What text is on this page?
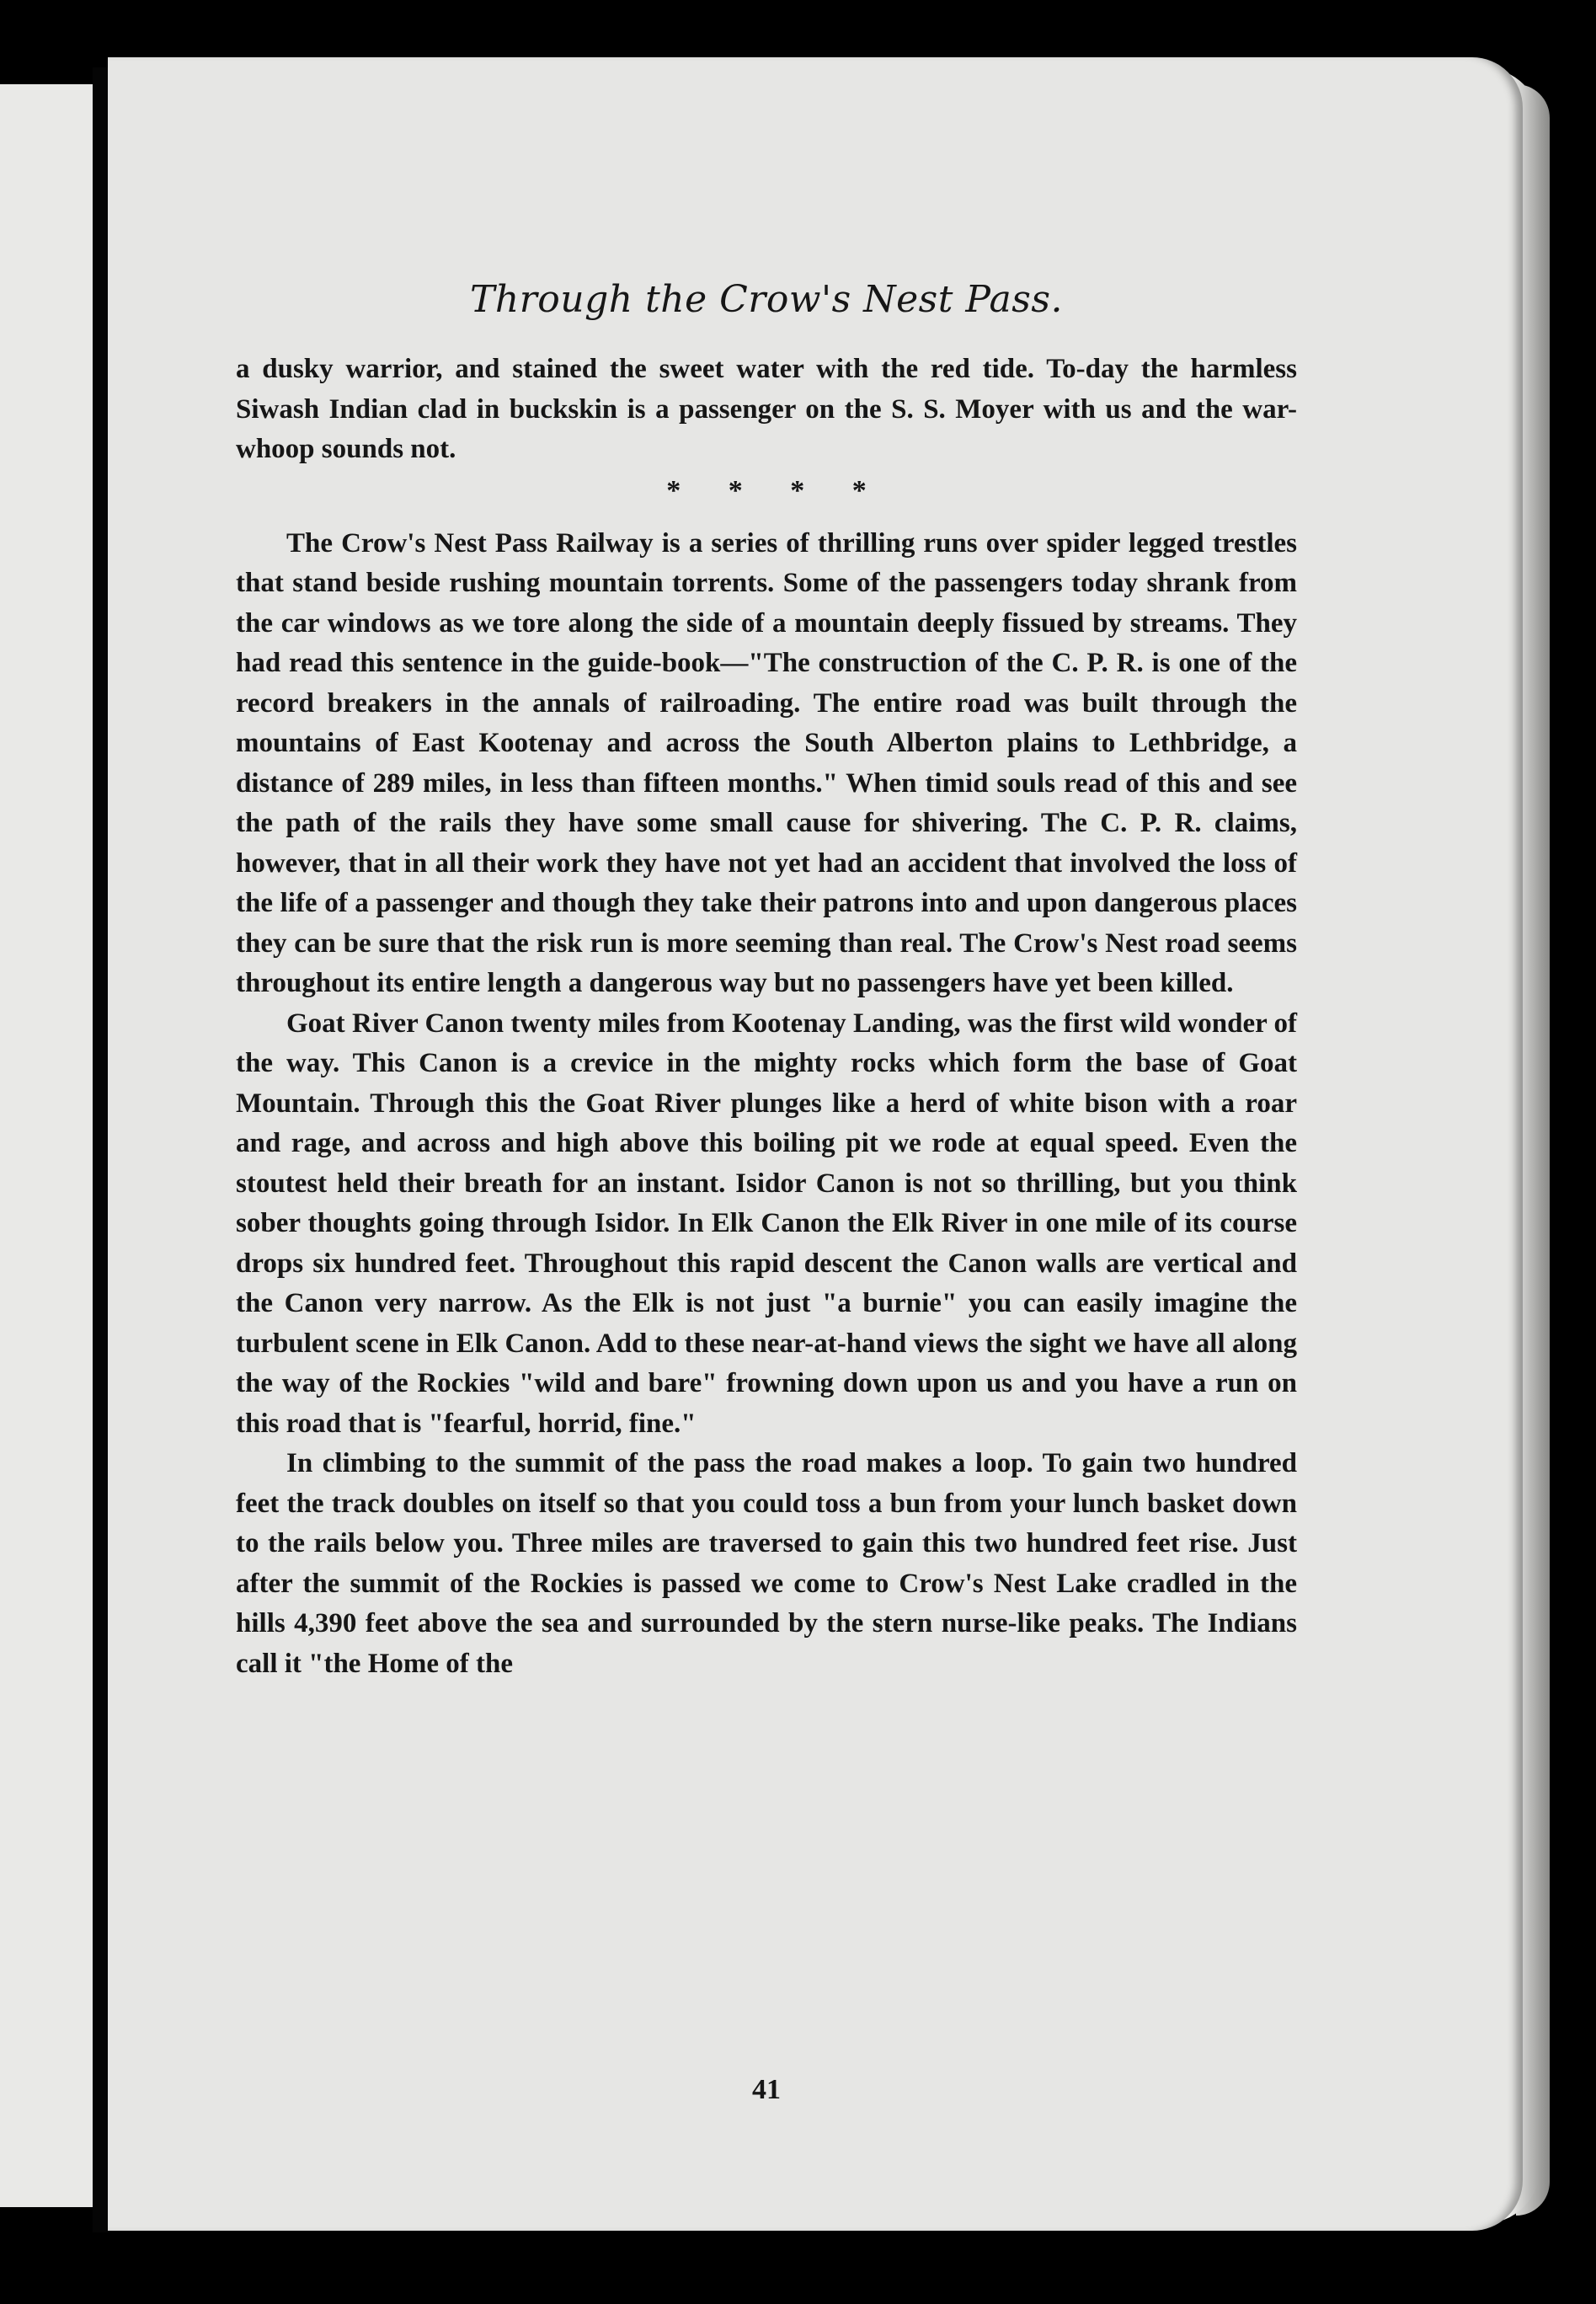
Through the Crow's Nest Pass.

a dusky warrior, and stained the sweet water with the red tide. To-day the harmless Siwash Indian clad in buckskin is a passenger on the S. S. Moyer with us and the war-whoop sounds not.

* * * *

The Crow's Nest Pass Railway is a series of thrilling runs over spider legged trestles that stand beside rushing mountain torrents. Some of the passengers today shrank from the car windows as we tore along the side of a mountain deeply fissued by streams. They had read this sentence in the guide-book—"The construction of the C. P. R. is one of the record breakers in the annals of railroading. The entire road was built through the mountains of East Kootenay and across the South Alberton plains to Lethbridge, a distance of 289 miles, in less than fifteen months." When timid souls read of this and see the path of the rails they have some small cause for shivering. The C. P. R. claims, however, that in all their work they have not yet had an accident that involved the loss of the life of a passenger and though they take their patrons into and upon dangerous places they can be sure that the risk run is more seeming than real. The Crow's Nest road seems throughout its entire length a dangerous way but no passengers have yet been killed.

Goat River Canon twenty miles from Kootenay Landing, was the first wild wonder of the way. This Canon is a crevice in the mighty rocks which form the base of Goat Mountain. Through this the Goat River plunges like a herd of white bison with a roar and rage, and across and high above this boiling pit we rode at equal speed. Even the stoutest held their breath for an instant. Isidor Canon is not so thrilling, but you think sober thoughts going through Isidor. In Elk Canon the Elk River in one mile of its course drops six hundred feet. Throughout this rapid descent the Canon walls are vertical and the Canon very narrow. As the Elk is not just "a burnie" you can easily imagine the turbulent scene in Elk Canon. Add to these near-at-hand views the sight we have all along the way of the Rockies "wild and bare" frowning down upon us and you have a run on this road that is "fearful, horrid, fine."

In climbing to the summit of the pass the road makes a loop. To gain two hundred feet the track doubles on itself so that you could toss a bun from your lunch basket down to the rails below you. Three miles are traversed to gain this two hundred feet rise. Just after the summit of the Rockies is passed we come to Crow's Nest Lake cradled in the hills 4,390 feet above the sea and surrounded by the stern nurse-like peaks. The Indians call it "the Home of the

41
